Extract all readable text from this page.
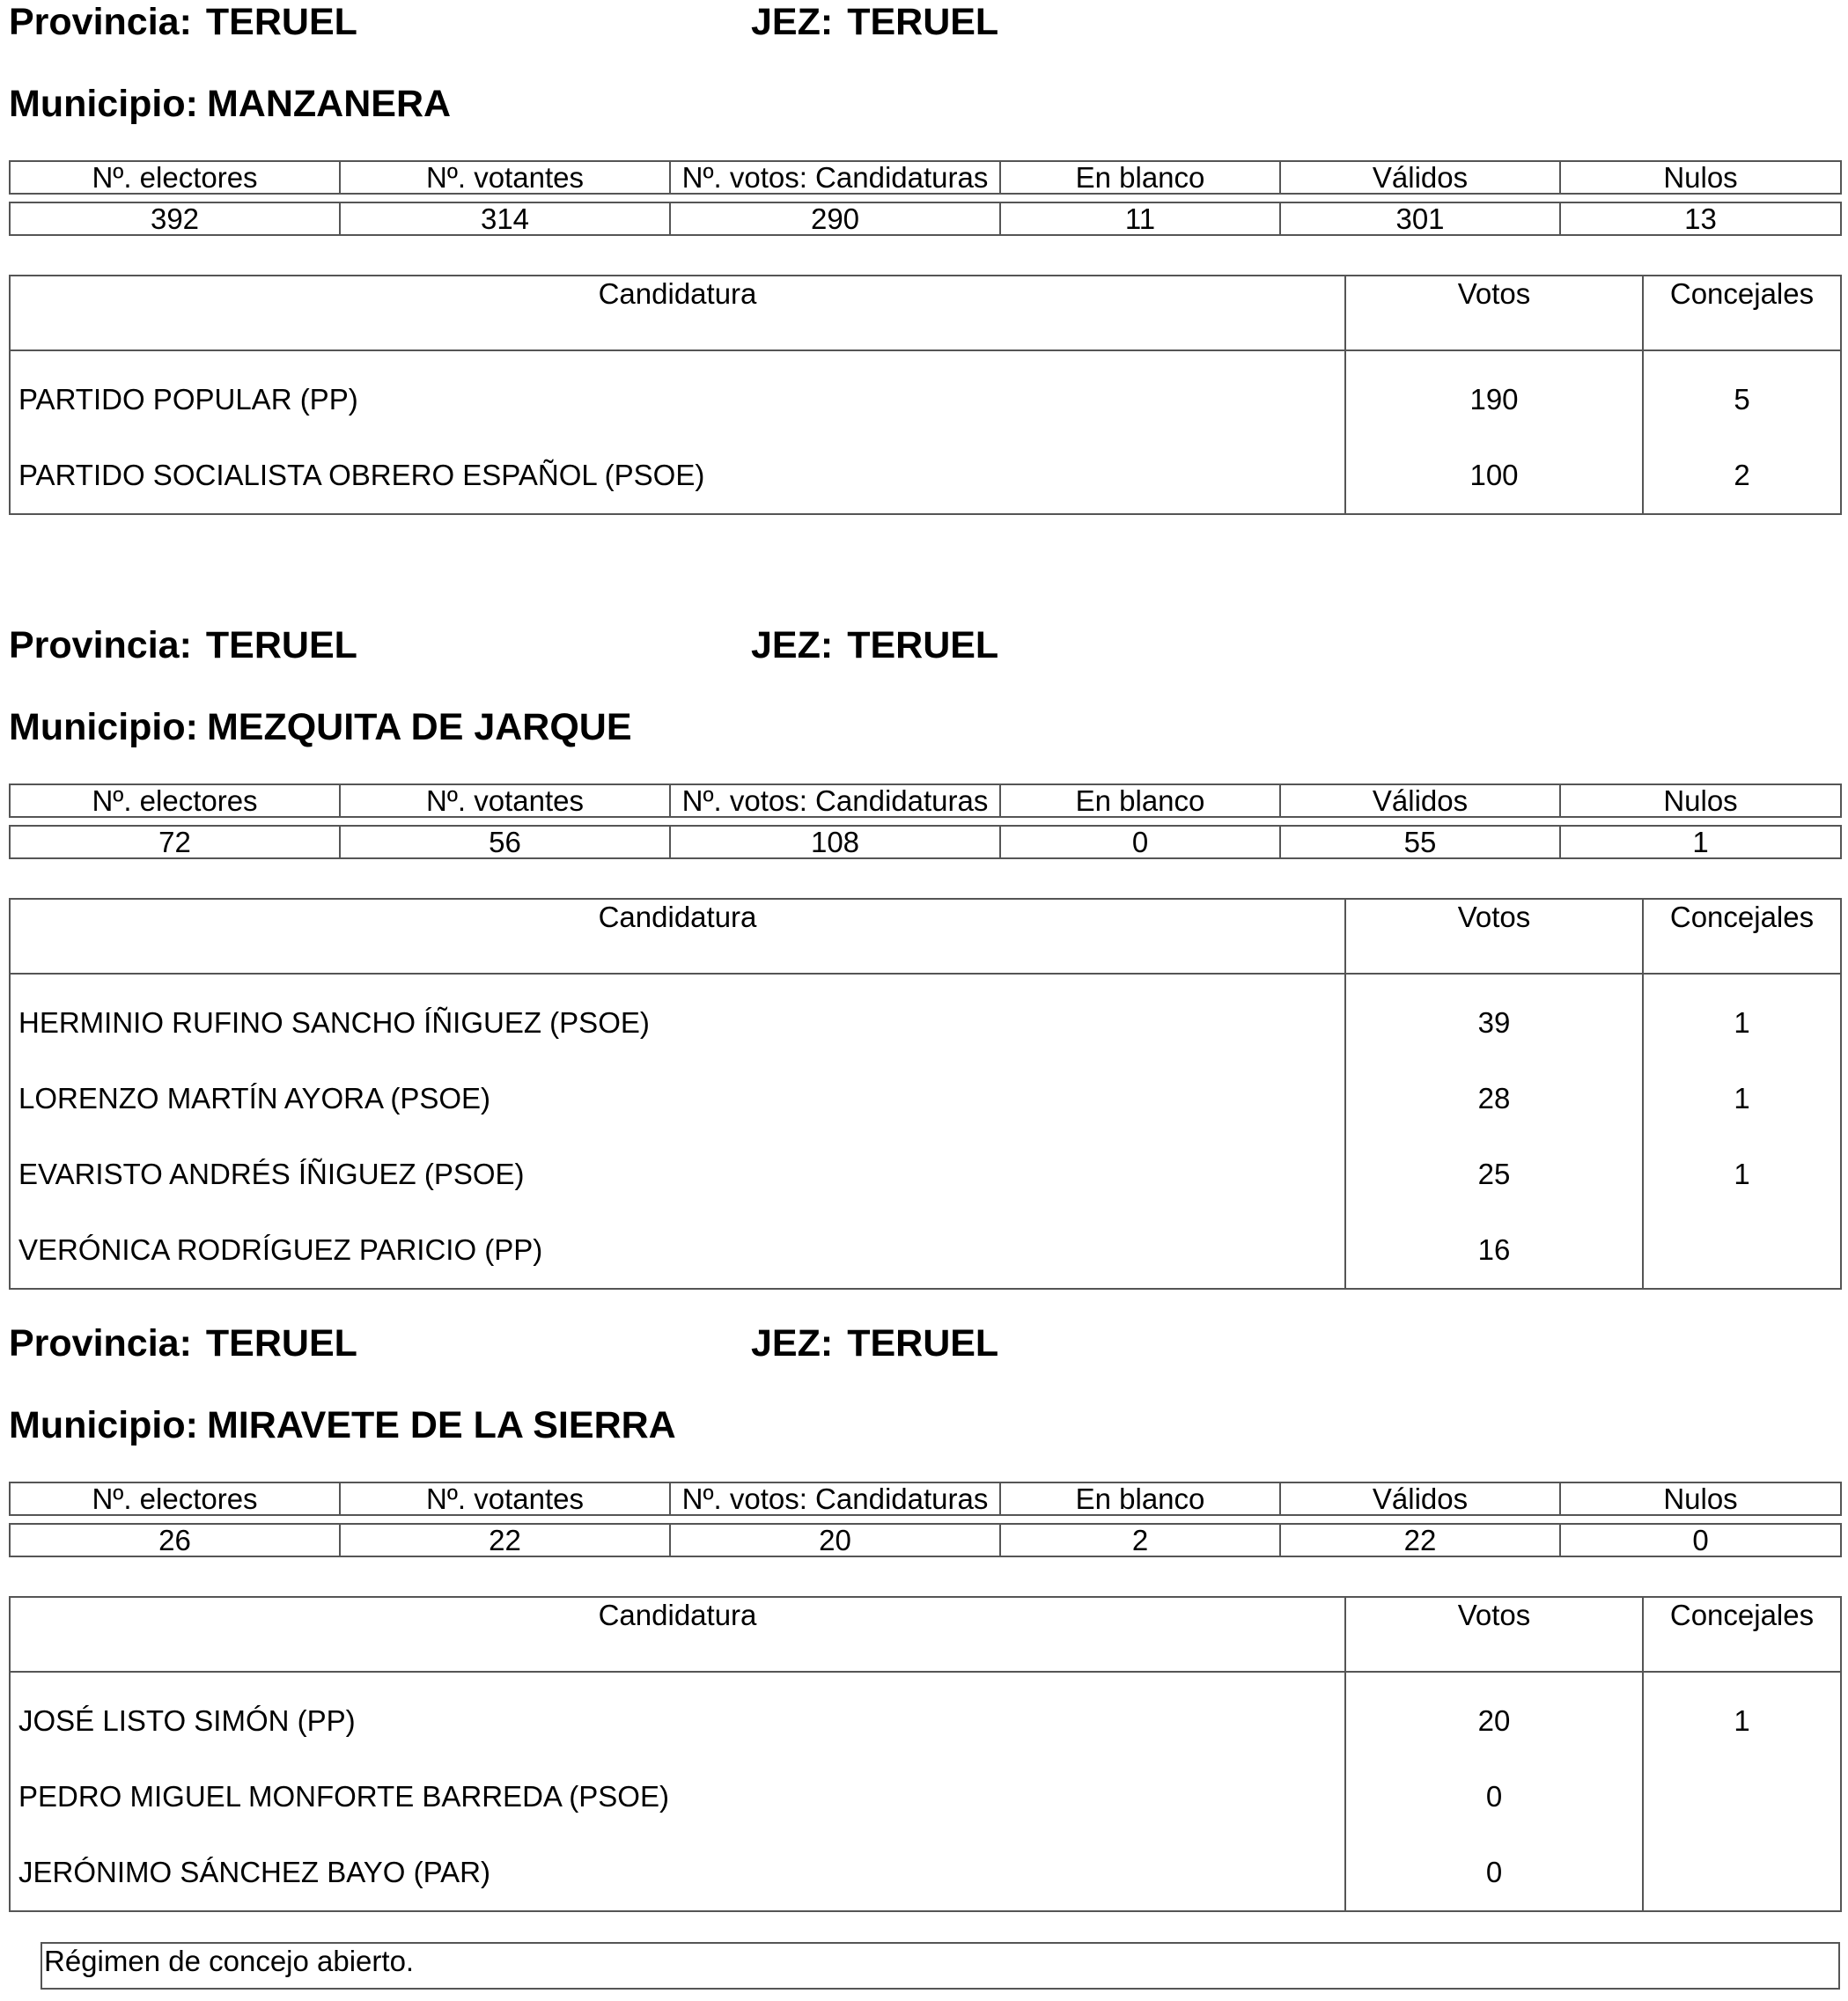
Provincia: TERUEL	JEZ: TERUEL
Municipio: MANZANERA
Nº. electores	Nº. votantes	Nº. votos: Candidaturas	En blanco	Válidos	Nulos

392	314	290	11	301	13
Candidatura	Votos	Concejales
PARTIDO POPULAR (PP)	190	5
PARTIDO SOCIALISTA OBRERO ESPAÑOL (PSOE)	100	2
Provincia: TERUEL	JEZ: TERUEL
Municipio: MEZQUITA DE JARQUE
Nº. electores	Nº. votantes	Nº. votos: Candidaturas	En blanco	Válidos	Nulos

72	56	108	0	55	1
Candidatura	Votos	Concejales
HERMINIO RUFINO SANCHO ÍÑIGUEZ (PSOE)	39	1
LORENZO MARTÍN AYORA (PSOE)	28	1
EVARISTO ANDRÉS ÍÑIGUEZ (PSOE)	25	1
VERÓNICA RODRÍGUEZ PARICIO (PP)	16	
Provincia: TERUEL	JEZ: TERUEL
Municipio: MIRAVETE DE LA SIERRA
Nº. electores	Nº. votantes	Nº. votos: Candidaturas	En blanco	Válidos	Nulos

26	22	20	2	22	0
Candidatura	Votos	Concejales
JOSÉ LISTO SIMÓN (PP)	20	1
PEDRO MIGUEL MONFORTE BARREDA (PSOE)	0	
JERÓNIMO SÁNCHEZ BAYO (PAR)	0	
Régimen de concejo abierto.
